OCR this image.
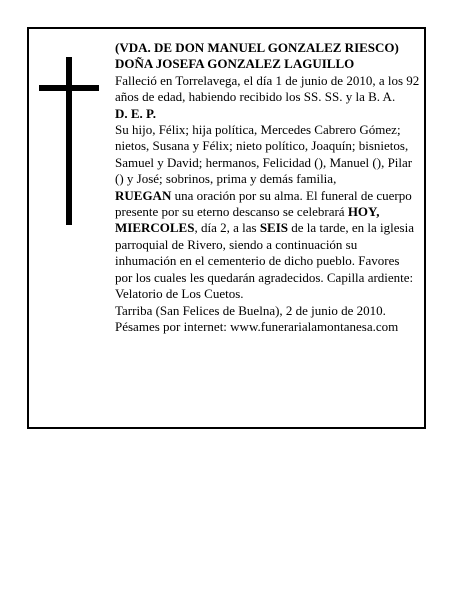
(VDA. DE DON MANUEL GONZALEZ RIESCO)

DOÑA JOSEFA GONZALEZ LAGUILLO

Falleció en Torrelavega, el día 1 de junio de 2010, a los 92 años de edad, habiendo recibido los SS. SS. y la B. A.

D. E. P.

Su hijo, Félix; hija política, Mercedes Cabrero Gómez; nietos, Susana y Félix; nieto político, Joaquín; bisnietos, Samuel y David; hermanos, Felicidad (), Manuel (), Pilar () y José; sobrinos, prima y demás familia,

RUEGAN una oración por su alma. El funeral de cuerpo presente por su eterno descanso se celebrará HOY, MIERCOLES, día 2, a las SEIS de la tarde, en la iglesia parroquial de Rivero, siendo a continuación su inhumación en el cementerio de dicho pueblo. Favores por los cuales les quedarán agradecidos. Capilla ardiente: Velatorio de Los Cuetos.

Tarriba (San Felices de Buelna), 2 de junio de 2010.

Pésames por internet: www.funerarialamontanesa.com
